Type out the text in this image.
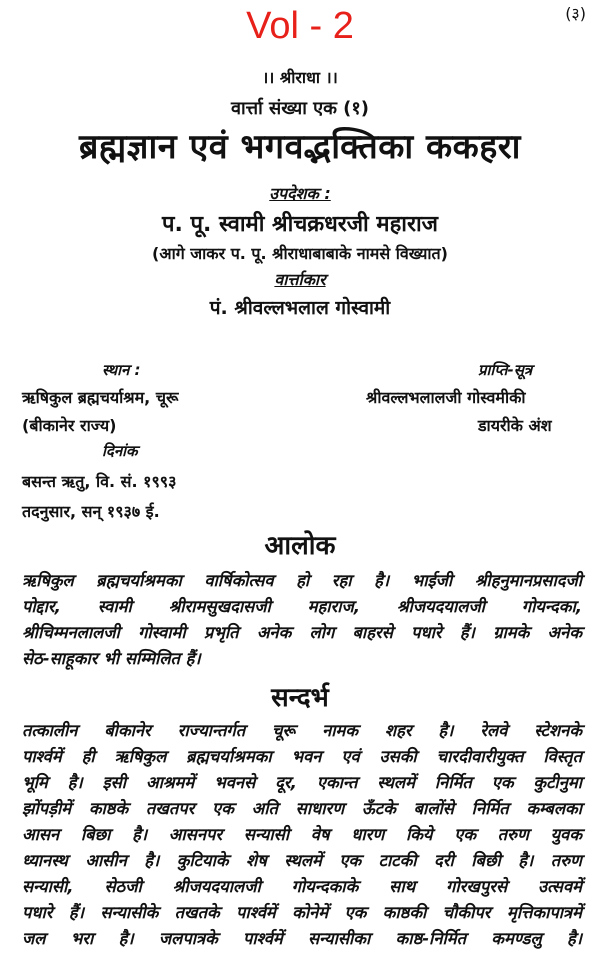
Vol - 2	(३)
।। श्रीराधा ।।
वार्त्ता संख्या एक (१)
ब्रह्मज्ञान एवं भगवद्भक्तिका ककहरा
उपदेशक :
प. पू. स्वामी श्रीचक्रधरजी महाराज
(आगे जाकर प. पू. श्रीराधाबाबाके नामसे विख्यात)
वार्त्ताकार
पं. श्रीवल्लभलाल गोस्वामी
स्थान :
ऋषिकुल ब्रह्मचर्याश्रम, चूरू
(बीकानेर राज्य)
प्राप्ति-सूत्र
श्रीवल्लभलालजी गोस्वमीकी
डायरीके अंश
दिनांक
बसन्त ऋतु, वि. सं. १९९३
तदनुसार, सन् १९३७ ई.
आलोक
ऋषिकुल ब्रह्मचर्याश्रमका वार्षिकोत्सव हो रहा है। भाईजी श्रीहनुमानप्रसादजी
पोद्दार, स्वामी श्रीरामसुखदासजी महाराज, श्रीजयदयालजी गोयन्दका,
श्रीचिम्मनलालजी गोस्वामी प्रभृति अनेक लोग बाहरसे पधारे हैं। ग्रामके अनेक
सेठ-साहूकार भी सम्मिलित हैं।
सन्दर्भ
तत्कालीन बीकानेर राज्यान्तर्गत चूरू नामक शहर है। रेलवे स्टेशनके
पार्श्वमें ही ऋषिकुल ब्रह्मचर्याश्रमका भवन एवं उसकी चारदीवारीयुक्त विस्तृत
भूमि है। इसी आश्रममें भवनसे दूर, एकान्त स्थलमें निर्मित एक कुटीनुमा
झोंपड़ीमें काष्ठके तखतपर एक अति साधारण ऊँटके बालोंसे निर्मित कम्बलका
आसन बिछा है। आसनपर सन्यासी वेष धारण किये एक तरुण युवक
ध्यानस्थ आसीन है। कुटियाके शेष स्थलमें एक टाटकी दरी बिछी है। तरुण
सन्यासी, सेठजी श्रीजयदयालजी गोयन्दकाके साथ गोरखपुरसे उत्सवमें
पधारे हैं। सन्यासीके तखतके पार्श्वमें कोनेमें एक काष्ठकी चौकीपर मृत्तिकापात्रमें
जल भरा है। जलपात्रके पार्श्वमें सन्यासीका काष्ठ-निर्मित कमण्डलु है।
